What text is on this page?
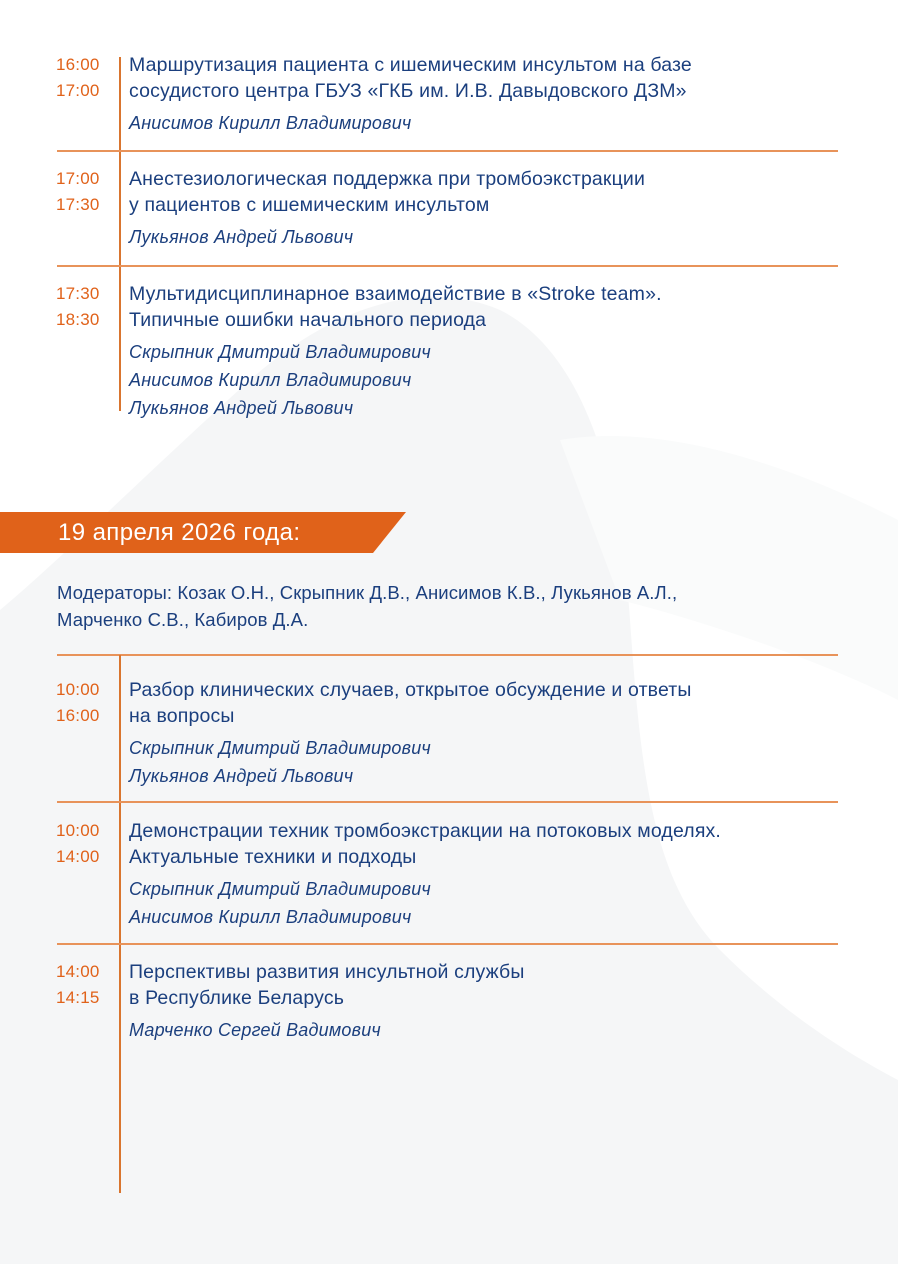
16:00
17:00
Маршрутизация пациента с ишемическим инсультом на базе
сосудистого центра ГБУЗ «ГКБ им. И.В. Давыдовского ДЗМ»
Анисимов Кирилл Владимирович
17:00
17:30
Анестезиологическая поддержка при тромбоэкстракции
у пациентов с ишемическим инсультом
Лукьянов Андрей Львович
17:30
18:30
Мультидисциплинарное взаимодействие в «Stroke team».
Типичные ошибки начального периода
Скрыпник Дмитрий Владимирович
Анисимов Кирилл Владимирович
Лукьянов Андрей Львович
19 апреля 2026 года:
Модераторы: Козак О.Н., Скрыпник Д.В., Анисимов К.В., Лукьянов А.Л.,
Марченко С.В., Кабиров Д.А.
10:00
16:00
Разбор клинических случаев, открытое обсуждение и ответы
на вопросы
Скрыпник Дмитрий Владимирович
Лукьянов Андрей Львович
10:00
14:00
Демонстрации техник тромбоэкстракции на потоковых моделях.
Актуальные техники и подходы
Скрыпник Дмитрий Владимирович
Анисимов Кирилл Владимирович
14:00
14:15
Перспективы развития инсультной службы
в Республике Беларусь
Марченко Сергей Вадимович
